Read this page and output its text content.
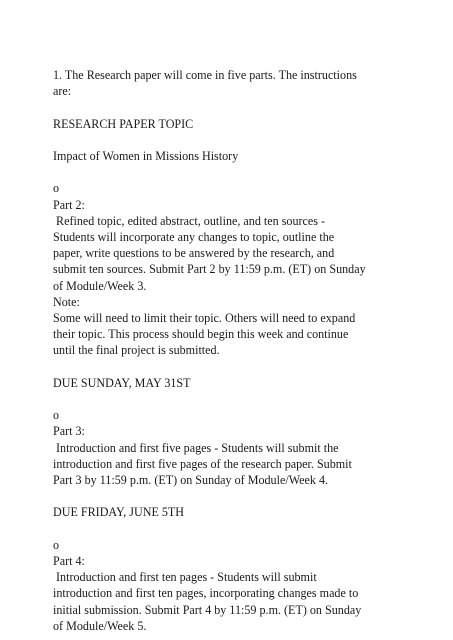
1. The Research paper will come in five parts. The instructions
are:

RESEARCH PAPER TOPIC

Impact of Women in Missions History

o

Part 2:

Refined topic, edited abstract, outline, and ten sources -
Students will incorporate any changes to topic, outline the
paper, write questions to be answered by the research, and
submit ten sources. Submit Part 2 by 11:59 p.m. (ET) on Sunday
of Module/Week 3.

Note:

Some will need to limit their topic. Others will need to expand
their topic. This process should begin this week and continue
until the final project is submitted.

DUE SUNDAY, MAY 31ST

o

Part 3:

Introduction and first five pages - Students will submit the
introduction and first five pages of the research paper. Submit
Part 3 by 11:59 p.m. (ET) on Sunday of Module/Week 4.

DUE FRIDAY, JUNE 5TH

o

Part 4:

Introduction and first ten pages - Students will submit
introduction and first ten pages, incorporating changes made to
initial submission. Submit Part 4 by 11:59 p.m. (ET) on Sunday
of Module/Week 5.
